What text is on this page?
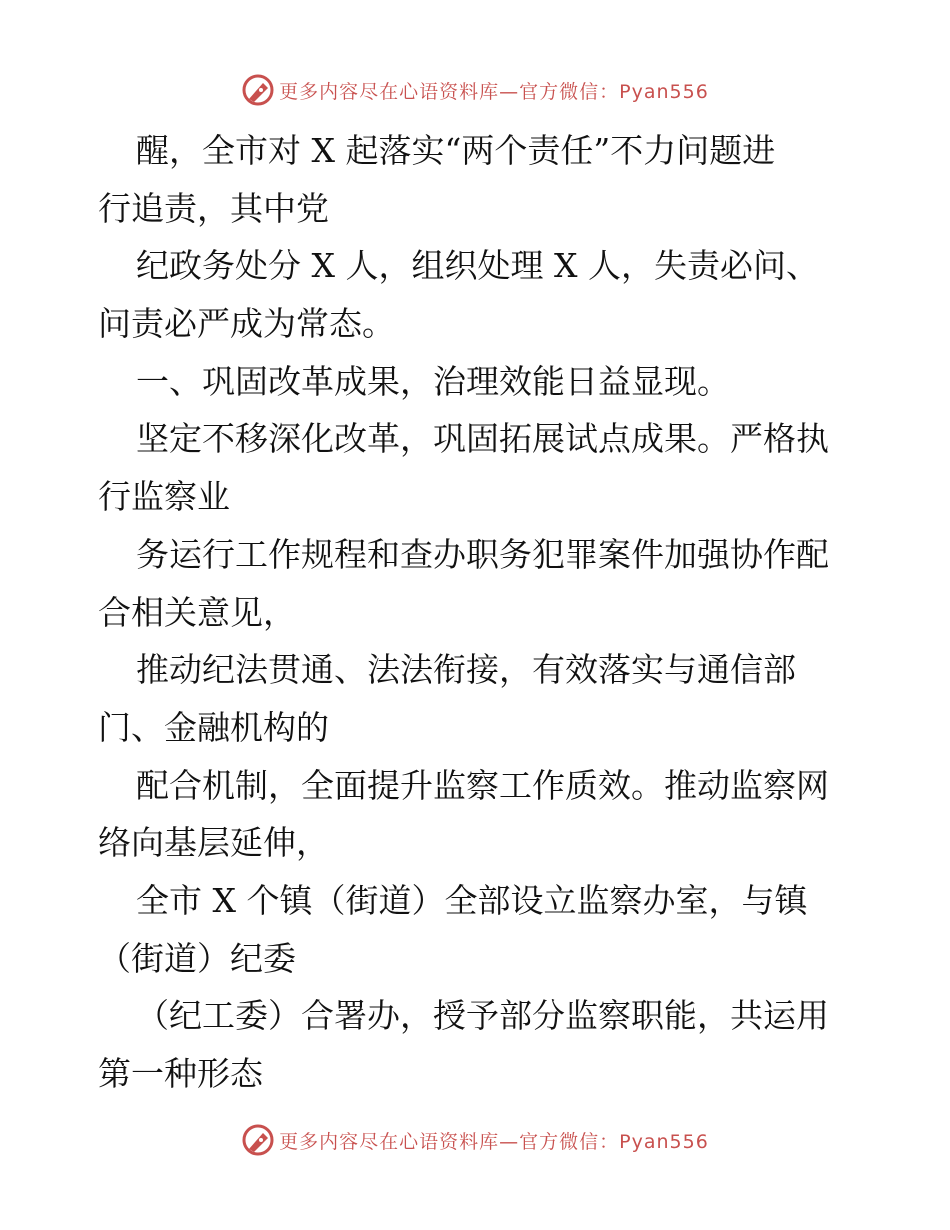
更多内容尽在心语资料库—官方微信：Pyan556
醒，全市对 X 起落实“两个责任”不力问题进
行追责，其中党
纪政务处分 X 人，组织处理 X 人，失责必问、
问责必严成为常态。
一、巩固改革成果，治理效能日益显现。
坚定不移深化改革，巩固拓展试点成果。严格执
行监察业
务运行工作规程和查办职务犯罪案件加强协作配
合相关意见，
推动纪法贯通、法法衔接，有效落实与通信部
门、金融机构的
配合机制，全面提升监察工作质效。推动监察网
络向基层延伸，
全市 X 个镇（街道）全部设立监察办室，与镇
（街道）纪委
（纪工委）合署办，授予部分监察职能，共运用
第一种形态
更多内容尽在心语资料库—官方微信：Pyan556
